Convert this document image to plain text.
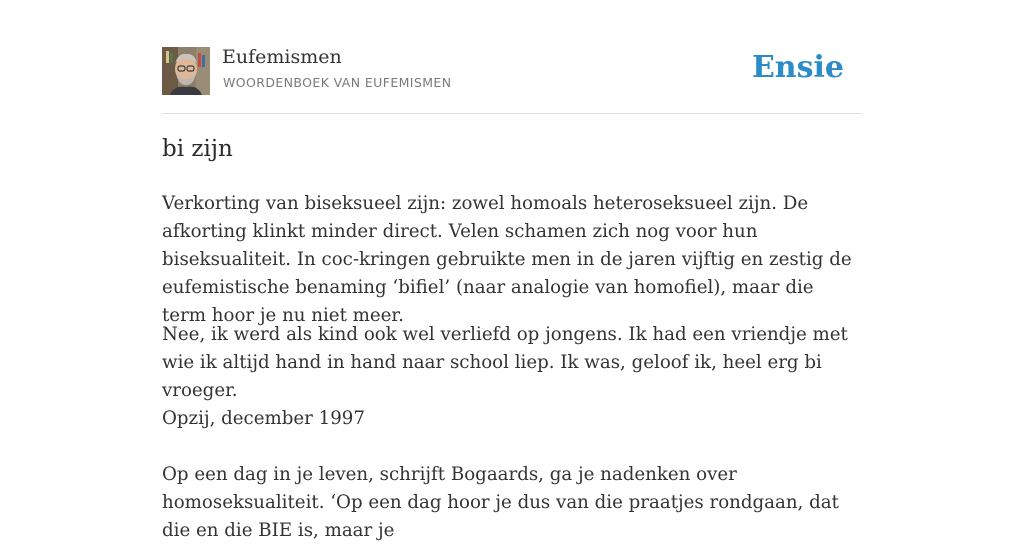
Eufemismen
WOORDENBOEK VAN EUFEMISMEN	Ensie
bi zijn

Verkorting van biseksueel zijn: zowel homoals heteroseksueel zijn. De afkorting klinkt minder direct. Velen schamen zich nog voor hun biseksualiteit. In coc-kringen gebruikte men in de jaren vijftig en zestig de eufemistische benaming ‘bifiel’ (naar analogie van homofiel), maar die term hoor je nu niet meer.

Nee, ik werd als kind ook wel verliefd op jongens. Ik had een vriendje met wie ik altijd hand in hand naar school liep. Ik was, geloof ik, heel erg bi vroeger.

Opzij, december 1997

Op een dag in je leven, schrijft Bogaards, ga je nadenken over homoseksualiteit. ‘Op een dag hoor je dus van die praatjes rondgaan, dat die en die BIE is, maar je
